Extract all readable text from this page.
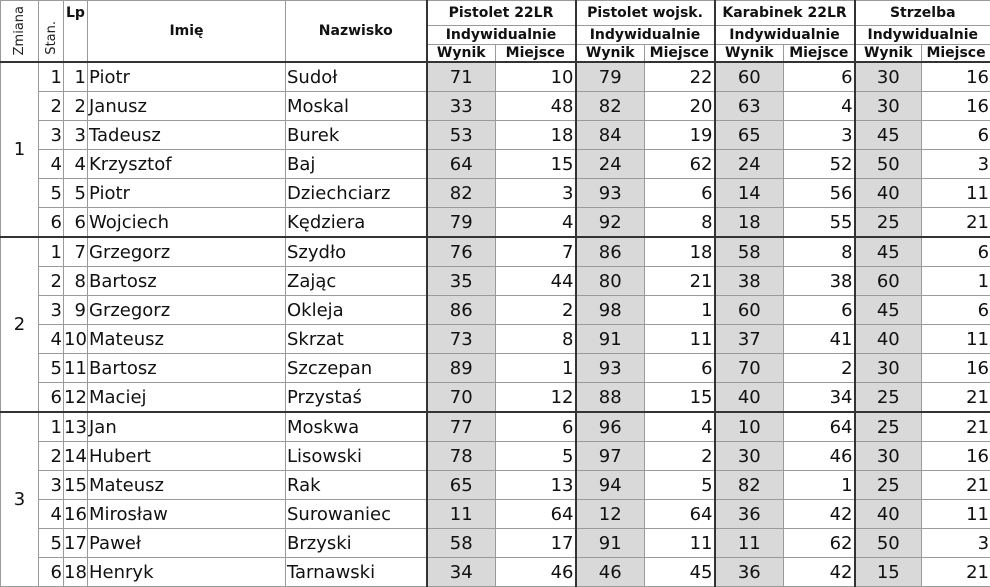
Zmiana	Stan.	Lp	Imię	Nazwisko	Pistolet 22LR		Pistolet wojsk.		Karabinek 22LR		Strzelba	
					Indywidualnie		Indywidualnie		Indywidualnie		Indywidualnie	
					Wynik	Miejsce	Wynik	Miejsce	Wynik	Miejsce	Wynik	Miejsce
1	1	1	Piotr	Sudoł	71	10	79	22	60	6	30	16
	2	2	Janusz	Moskal	33	48	82	20	63	4	30	16
	3	3	Tadeusz	Burek	53	18	84	19	65	3	45	6
	4	4	Krzysztof	Baj	64	15	24	62	24	52	50	3
	5	5	Piotr	Dziechciarz	82	3	93	6	14	56	40	11
	6	6	Wojciech	Kędziera	79	4	92	8	18	55	25	21
2	1	7	Grzegorz	Szydło	76	7	86	18	58	8	45	6
	2	8	Bartosz	Zając	35	44	80	21	38	38	60	1
	3	9	Grzegorz	Okleja	86	2	98	1	60	6	45	6
	4	10	Mateusz	Skrzat	73	8	91	11	37	41	40	11
	5	11	Bartosz	Szczepan	89	1	93	6	70	2	30	16
	6	12	Maciej	Przystaś	70	12	88	15	40	34	25	21
3	1	13	Jan	Moskwa	77	6	96	4	10	64	25	21
	2	14	Hubert	Lisowski	78	5	97	2	30	46	30	16
	3	15	Mateusz	Rak	65	13	94	5	82	1	25	21
	4	16	Mirosław	Surowaniec	11	64	12	64	36	42	40	11
	5	17	Paweł	Brzyski	58	17	91	11	11	62	50	3
	6	18	Henryk	Tarnawski	34	46	46	45	36	42	15	21
